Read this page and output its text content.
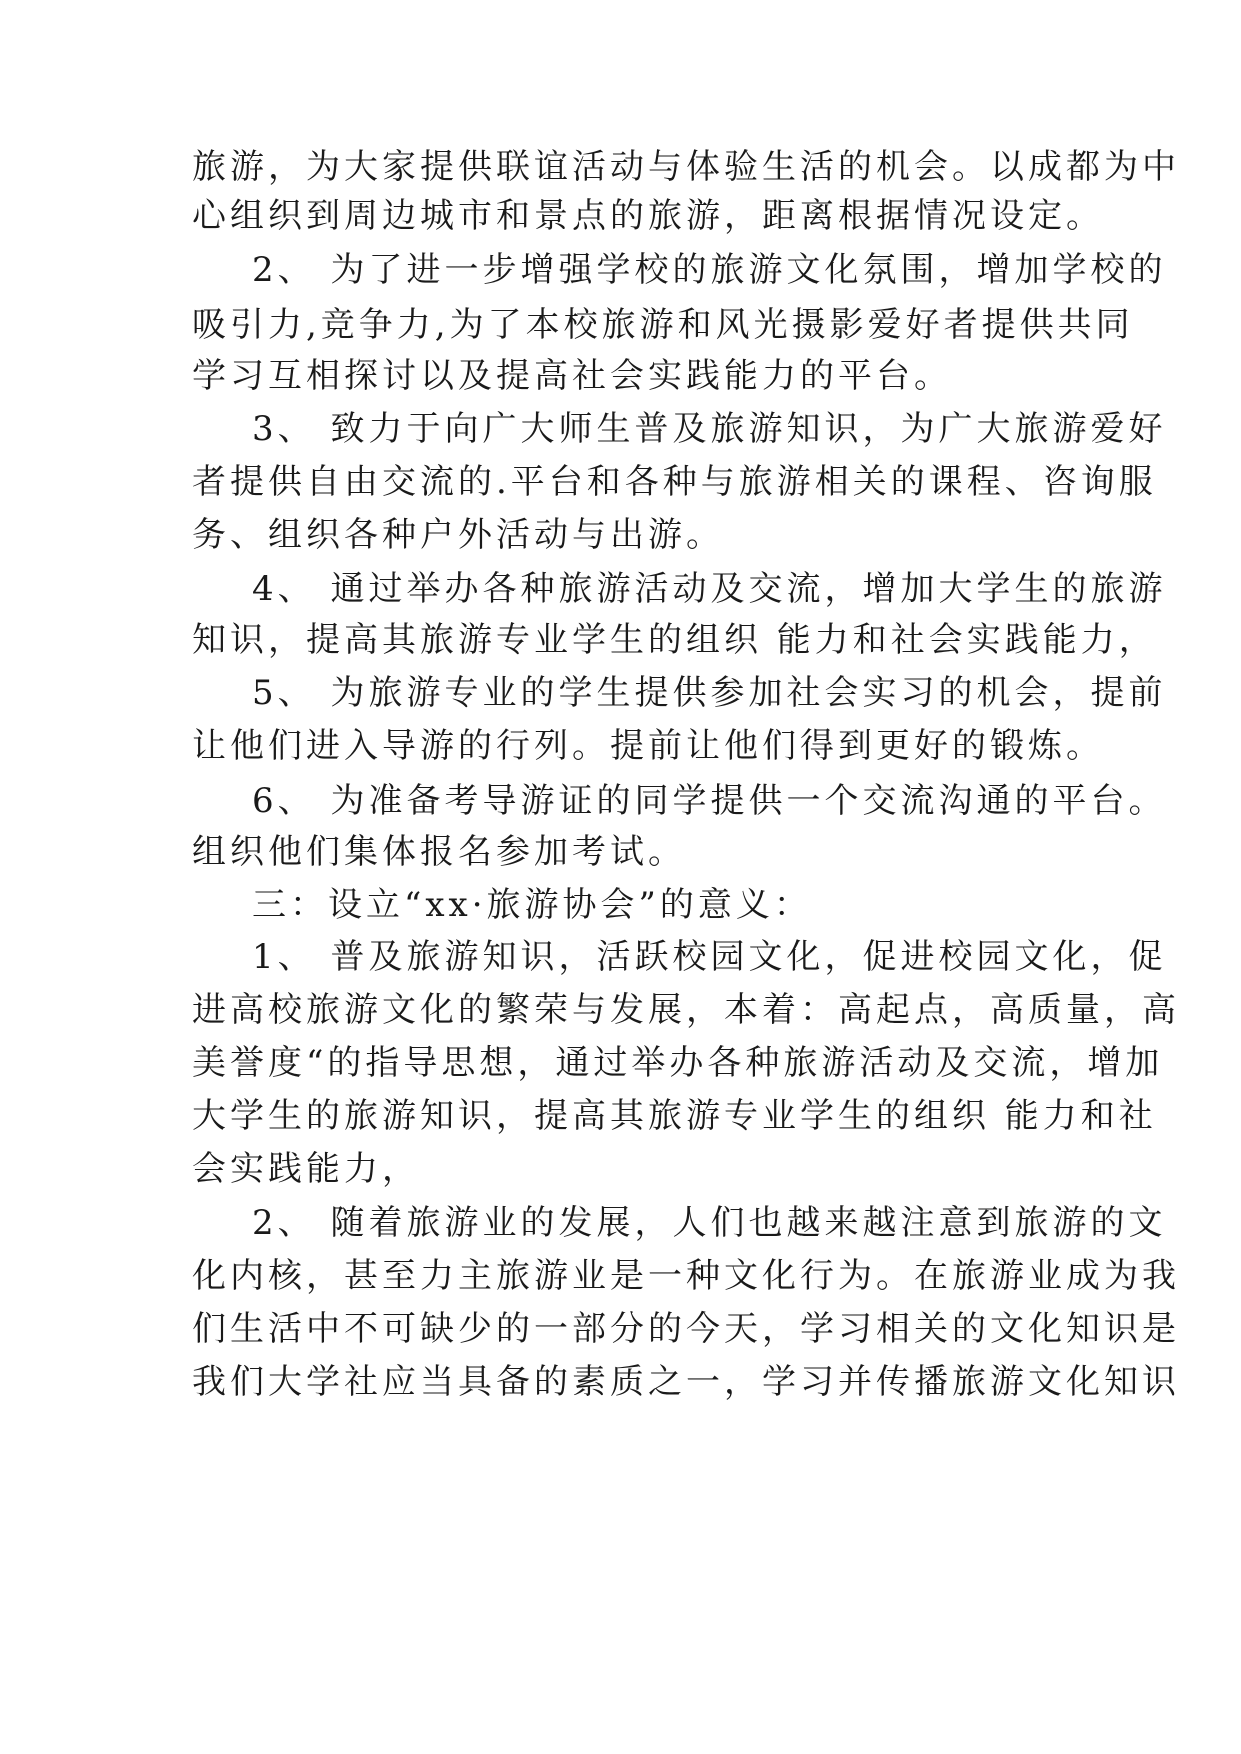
旅游，为大家提供联谊活动与体验生活的机会。以成都为中
心组织到周边城市和景点的旅游，距离根据情况设定。
2、 为了进一步增强学校的旅游文化氛围，增加学校的
吸引力,竞争力,为了本校旅游和风光摄影爱好者提供共同
学习互相探讨以及提高社会实践能力的平台。
3、 致力于向广大师生普及旅游知识，为广大旅游爱好
者提供自由交流的.平台和各种与旅游相关的课程、咨询服
务、组织各种户外活动与出游。
4、 通过举办各种旅游活动及交流，增加大学生的旅游
知识，提高其旅游专业学生的组织 能力和社会实践能力，
5、 为旅游专业的学生提供参加社会实习的机会，提前
让他们进入导游的行列。提前让他们得到更好的锻炼。
6、 为准备考导游证的同学提供一个交流沟通的平台。
组织他们集体报名参加考试。
三：设立“xx·旅游协会”的意义：
1、 普及旅游知识，活跃校园文化，促进校园文化，促
进高校旅游文化的繁荣与发展，本着：高起点，高质量，高
美誉度“的指导思想，通过举办各种旅游活动及交流，增加
大学生的旅游知识，提高其旅游专业学生的组织 能力和社
会实践能力，
2、 随着旅游业的发展，人们也越来越注意到旅游的文
化内核，甚至力主旅游业是一种文化行为。在旅游业成为我
们生活中不可缺少的一部分的今天，学习相关的文化知识是
我们大学社应当具备的素质之一，学习并传播旅游文化知识
